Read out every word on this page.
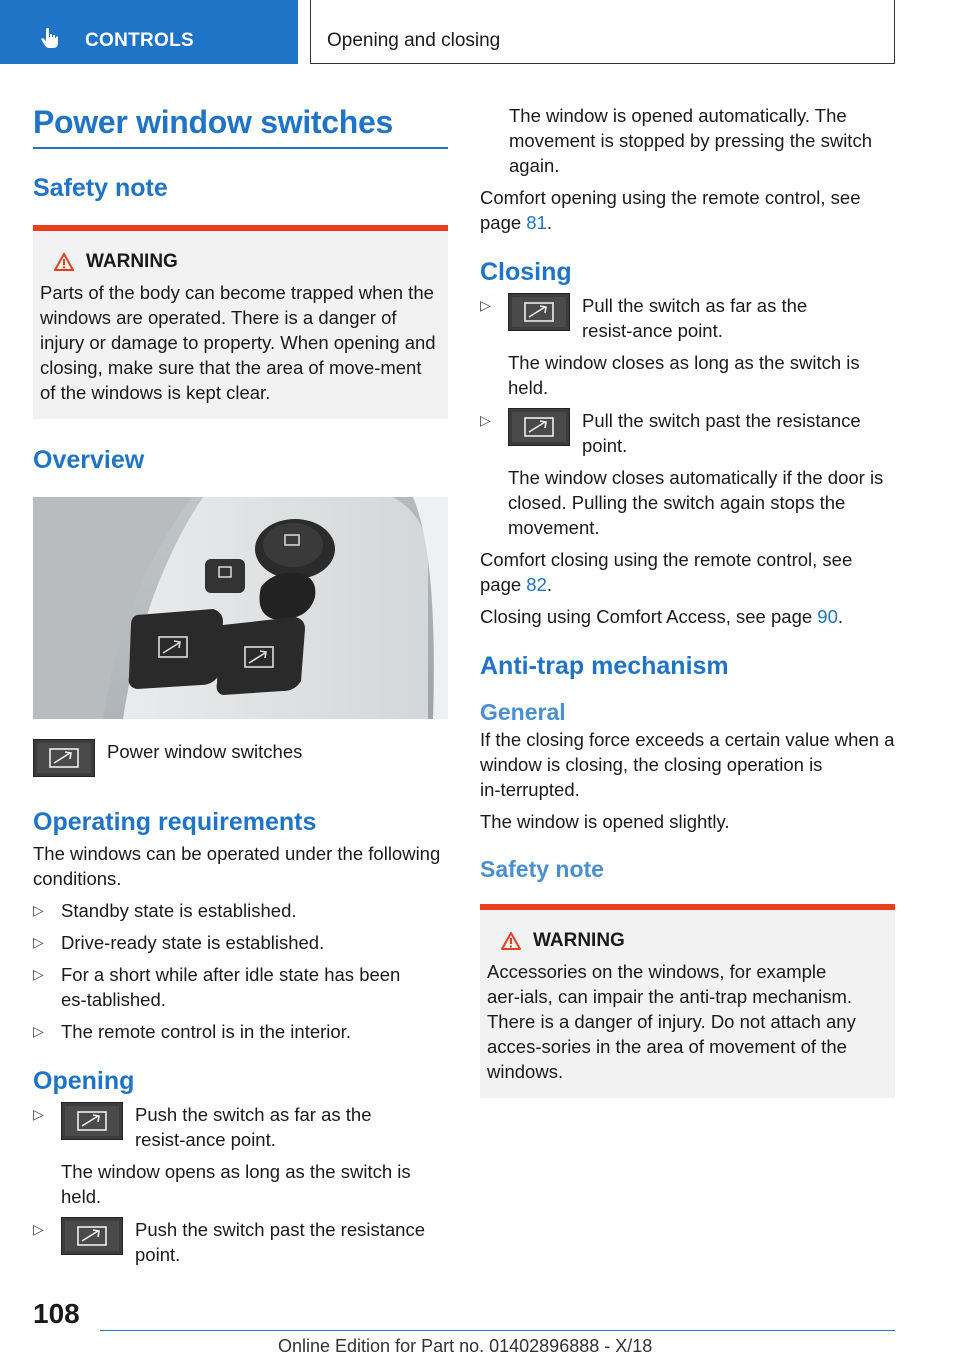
CONTROLS	Opening and closing
Power window switches
Safety note
WARNING

Parts of the body can become trapped when the windows are operated. There is a danger of injury or damage to property. When opening and closing, make sure that the area of move‑ment of the windows is kept clear.

Overview
Power window switches
Operating requirements

The windows can be operated under the following conditions.

▷ Standby state is established.
▷ Drive-ready state is established.
▷ For a short while after idle state has been es‑tablished.
▷ The remote control is in the interior.
Opening
▷	Push the switch as far as the resist‑ance point.

The window opens as long as the switch is held.

▷	Push the switch past the resistance point.

The window is opened automatically. The movement is stopped by pressing the switch again.

Comfort opening using the remote control, see page 81.

Closing
▷	Pull the switch as far as the resist‑ance point.

The window closes as long as the switch is held.

▷	Pull the switch past the resistance point.

The window closes automatically if the door is closed. Pulling the switch again stops the movement.

Comfort closing using the remote control, see page 82.

Closing using Comfort Access, see page 90.

Anti‑trap mechanism
General

If the closing force exceeds a certain value when a window is closing, the closing operation is in‑terrupted.

The window is opened slightly.

Safety note
WARNING

Accessories on the windows, for example aer‑ials, can impair the anti‑trap mechanism. There is a danger of injury. Do not attach any acces‑sories in the area of movement of the windows.

108
Online Edition for Part no. 01402896888 - X/18
